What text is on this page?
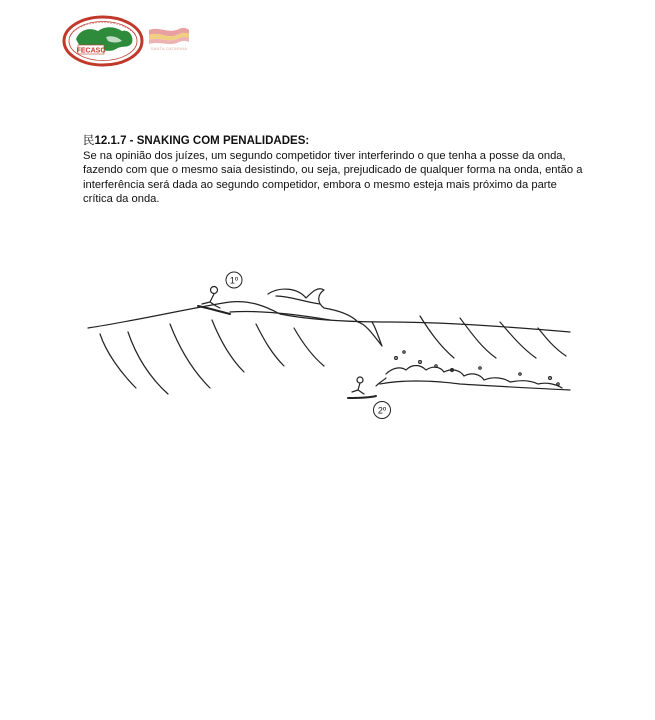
FECASC	SANTA CATARINA
民12.1.7 - SNAKING COM PENALIDADES:

Se na opinião dos juízes, um segundo competidor tiver interferindo o que tenha a posse da onda, fazendo com que o mesmo saia desistindo, ou seja, prejudicado de qualquer forma na onda, então a interferência será dada ao segundo competidor, embora o mesmo esteja mais próximo da parte crítica da onda.

1º
2º
